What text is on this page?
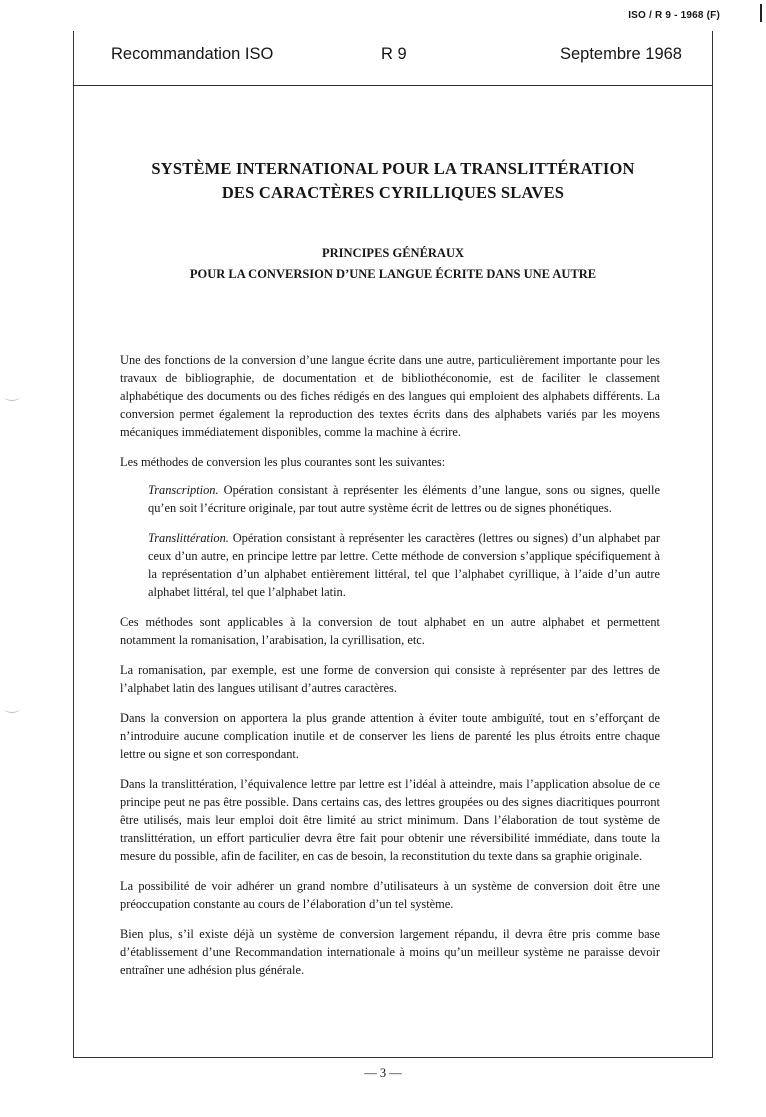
ISO / R 9 - 1968 (F)
Recommandation ISO	R 9	Septembre 1968
SYSTÈME INTERNATIONAL POUR LA TRANSLITTÉRATION
DES CARACTÈRES CYRILLIQUES SLAVES
PRINCIPES GÉNÉRAUX
POUR LA CONVERSION D’UNE LANGUE ÉCRITE DANS UNE AUTRE

Une des fonctions de la conversion d’une langue écrite dans une autre, particulièrement importante pour les travaux de bibliographie, de documentation et de bibliothéconomie, est de faciliter le classement alphabétique des documents ou des fiches rédigés en des langues qui emploient des alphabets différents. La conversion permet également la reproduction des textes écrits dans des alphabets variés par les moyens mécaniques immédiatement disponibles, comme la machine à écrire.

Les méthodes de conversion les plus courantes sont les suivantes:

Transcription. Opération consistant à représenter les éléments d’une langue, sons ou signes, quelle qu’en soit l’écriture originale, par tout autre système écrit de lettres ou de signes phonétiques.
Translittération. Opération consistant à représenter les caractères (lettres ou signes) d’un alphabet par ceux d’un autre, en principe lettre par lettre. Cette méthode de conversion s’applique spécifiquement à la représentation d’un alphabet entièrement littéral, tel que l’alphabet cyrillique, à l’aide d’un autre alphabet littéral, tel que l’alphabet latin.

Ces méthodes sont applicables à la conversion de tout alphabet en un autre alphabet et permettent notamment la romanisation, l’arabisation, la cyrillisation, etc.

La romanisation, par exemple, est une forme de conversion qui consiste à représenter par des lettres de l’alphabet latin des langues utilisant d’autres caractères.

Dans la conversion on apportera la plus grande attention à éviter toute ambiguïté, tout en s’efforçant de n’introduire aucune complication inutile et de conserver les liens de parenté les plus étroits entre chaque lettre ou signe et son correspondant.

Dans la translittération, l’équivalence lettre par lettre est l’idéal à atteindre, mais l’application absolue de ce principe peut ne pas être possible. Dans certains cas, des lettres groupées ou des signes diacritiques pourront être utilisés, mais leur emploi doit être limité au strict minimum. Dans l’élaboration de tout système de translittération, un effort particulier devra être fait pour obtenir une réversibilité immédiate, dans toute la mesure du possible, afin de faciliter, en cas de besoin, la reconstitution du texte dans sa graphie originale.

La possibilité de voir adhérer un grand nombre d’utilisateurs à un système de conversion doit être une préoccupation constante au cours de l’élaboration d’un tel système.

Bien plus, s’il existe déjà un système de conversion largement répandu, il devra être pris comme base d’établissement d’une Recommandation internationale à moins qu’un meilleur système ne paraisse devoir entraîner une adhésion plus générale.

— 3 —
